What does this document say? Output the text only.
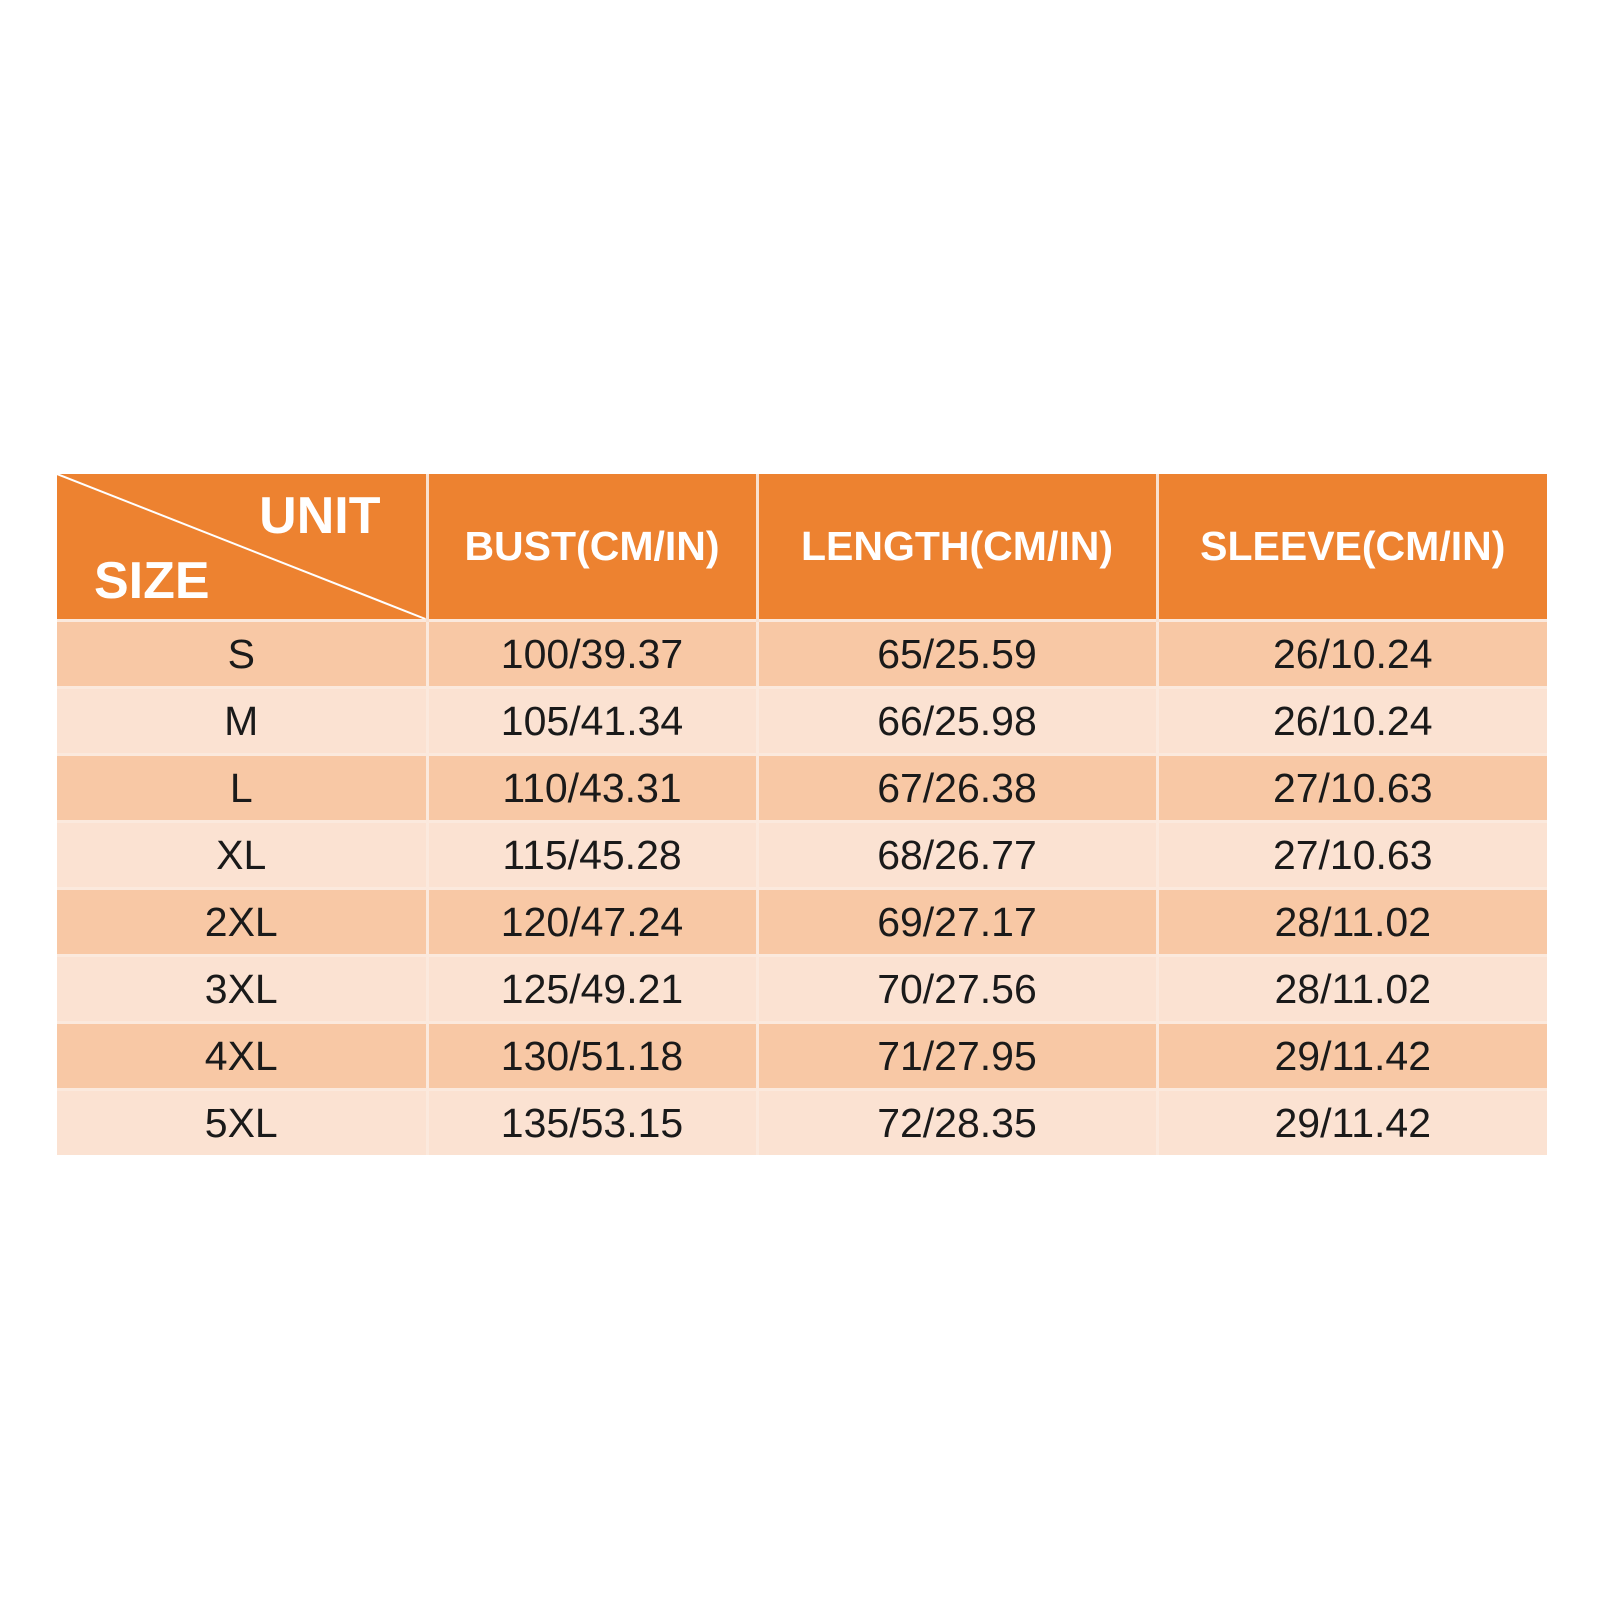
UNIT
SIZE	BUST(CM/IN)	LENGTH(CM/IN)	SLEEVE(CM/IN)
S	100/39.37	65/25.59	26/10.24
M	105/41.34	66/25.98	26/10.24
L	110/43.31	67/26.38	27/10.63
XL	115/45.28	68/26.77	27/10.63
2XL	120/47.24	69/27.17	28/11.02
3XL	125/49.21	70/27.56	28/11.02
4XL	130/51.18	71/27.95	29/11.42
5XL	135/53.15	72/28.35	29/11.42
